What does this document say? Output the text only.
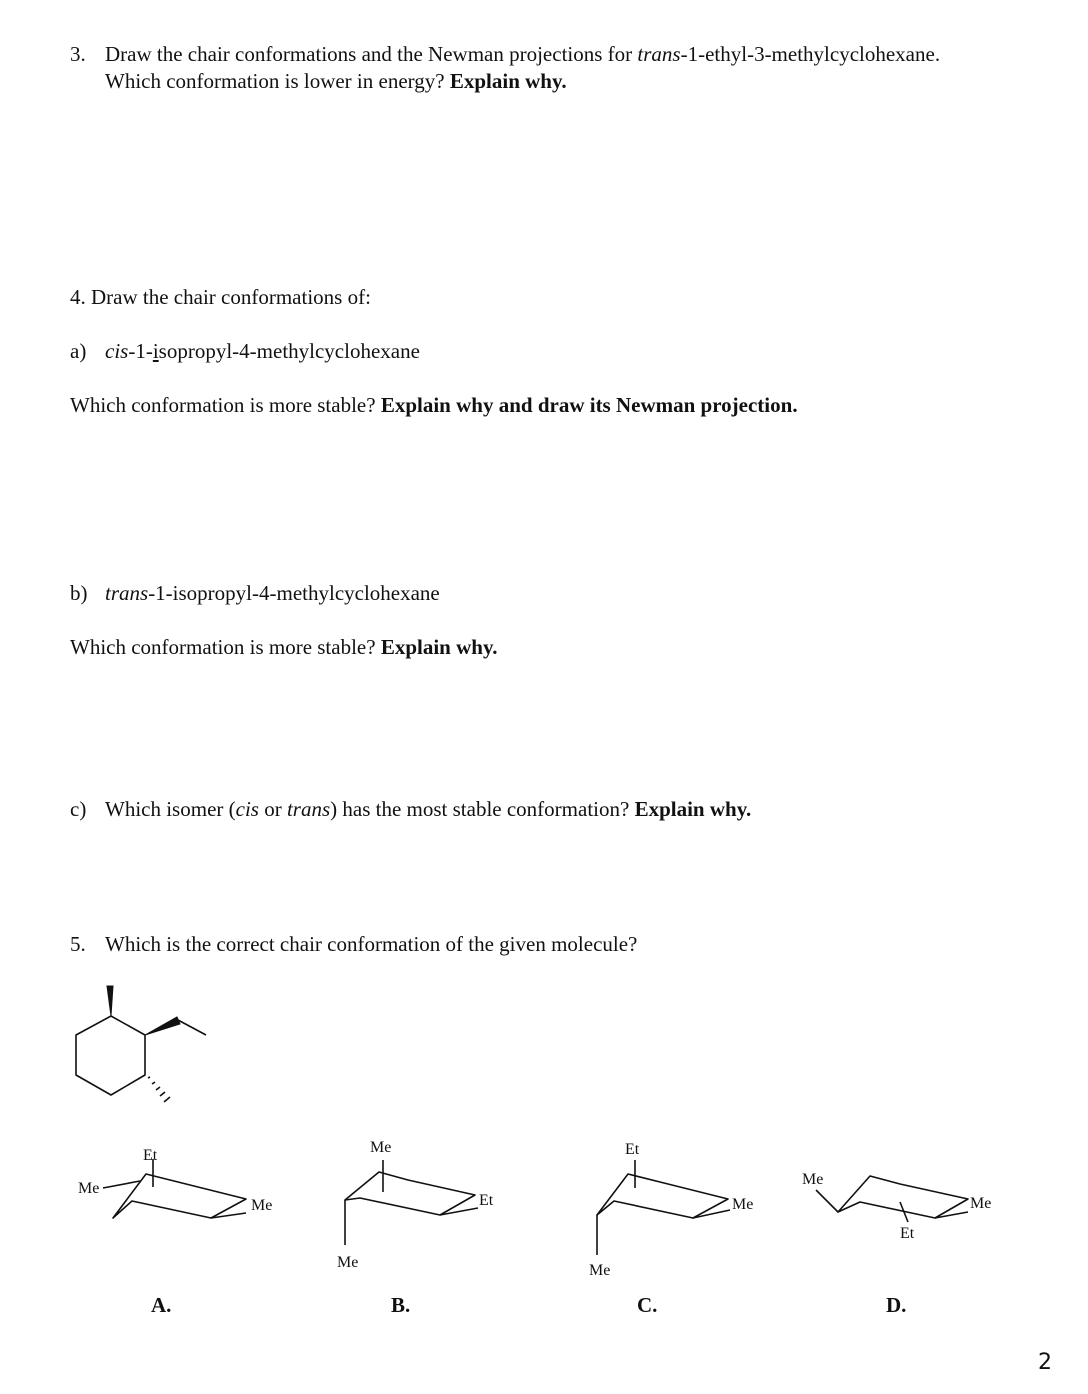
3. Draw the chair conformations and the Newman projections for trans-1-ethyl-3-methylcyclohexane.
Which conformation is lower in energy? Explain why.
4. Draw the chair conformations of:
a) cis-1-isopropyl-4-methylcyclohexane
Which conformation is more stable? Explain why and draw its Newman projection.
b) trans-1-isopropyl-4-methylcyclohexane
Which conformation is more stable? Explain why.
c) Which isomer (cis or trans) has the most stable conformation? Explain why.
5. Which is the correct chair conformation of the given molecule?
Et
Me
Me
A.
Me
Et
Me
B.
Et
Me
Me
C.
Me
Me
Et
D.
2
